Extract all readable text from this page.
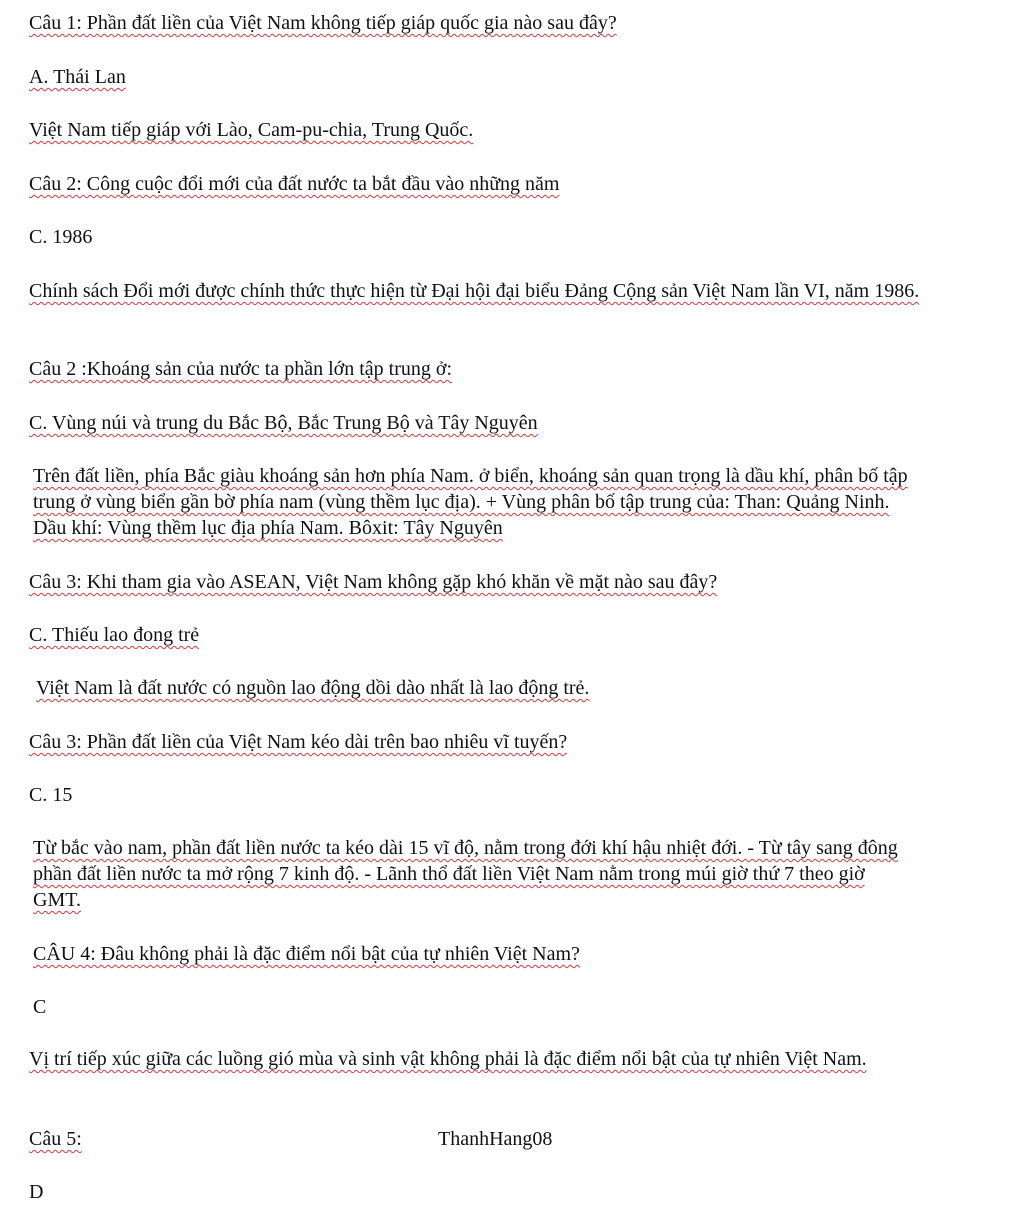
Câu 1: Phần đất liền của Việt Nam không tiếp giáp quốc gia nào sau đây?

A. Thái Lan

Việt Nam tiếp giáp với Lào, Cam-pu-chia, Trung Quốc.

Câu 2: Công cuộc đổi mới của đất nước ta bắt đầu vào những năm

C. 1986

Chính sách Đổi mới được chính thức thực hiện từ Đại hội đại biểu Đảng Cộng sản Việt Nam lần VI, năm 1986.

Câu 2 :Khoáng sản của nước ta phần lớn tập trung ở:

C. Vùng núi và trung du Bắc Bộ, Bắc Trung Bộ và Tây Nguyên

Trên đất liền, phía Bắc giàu khoáng sản hơn phía Nam. ở biển, khoáng sản quan trọng là dầu khí, phân bố tập trung ở vùng biển gần bờ phía nam (vùng thềm lục địa). + Vùng phân bố tập trung của: Than: Quảng Ninh. Dầu khí: Vùng thềm lục địa phía Nam. Bôxit: Tây Nguyên

Câu 3: Khi tham gia vào ASEAN, Việt Nam không gặp khó khăn về mặt nào sau đây?

C. Thiếu lao đong trẻ

Việt Nam là đất nước có nguồn lao động dồi dào nhất là lao động trẻ.

Câu 3: Phần đất liền của Việt Nam kéo dài trên bao nhiêu vĩ tuyến?

C. 15

Từ bắc vào nam, phần đất liền nước ta kéo dài 15 vĩ độ, nằm trong đới khí hậu nhiệt đới. - Từ tây sang đông phần đất liền nước ta mở rộng 7 kinh độ. - Lãnh thổ đất liền Việt Nam nằm trong múi giờ thứ 7 theo giờ GMT.

CÂU 4: Đâu không phải là đặc điểm nổi bật của tự nhiên Việt Nam?

C

Vị trí tiếp xúc giữa các luồng gió mùa và sinh vật không phải là đặc điểm nổi bật của tự nhiên Việt Nam.

Câu 5:	ThanhHang08

D
